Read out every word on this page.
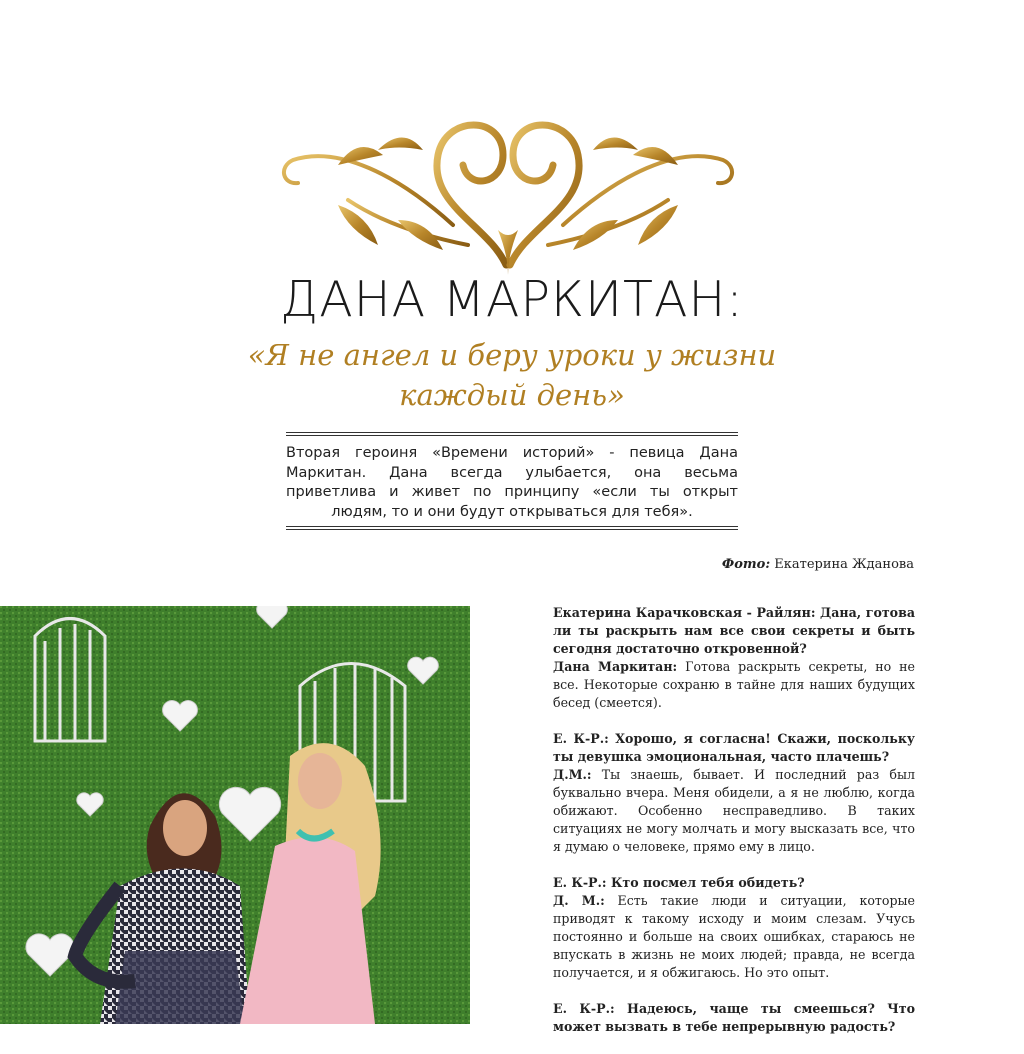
ДАНА МАРКИТАН:
«Я не ангел и беру уроки у жизни
каждый день»

Вторая героиня «Времени историй» - певица Дана Маркитан. Дана всегда улыбается, она весьма приветлива и живет по принципу «если ты открыт людям, то и они будут открываться для тебя».

Фото: Екатерина Жданова
Екатерина Карачковская - Райлян: Дана, готова ли ты раскрыть нам все свои секреты и быть сегодня достаточно откровенной?
Дана Маркитан: Готова раскрыть секреты, но не все. Некоторые сохраню в тайне для наших будущих бесед (смеется).
Е. К-Р.: Хорошо, я согласна! Скажи, поскольку ты девушка эмоциональная, часто плачешь?
Д.М.: Ты знаешь, бывает. И последний раз был буквально вчера. Меня обидели, а я не люблю, когда обижают. Особенно несправедливо. В таких ситуациях не могу молчать и могу высказать все, что я думаю о человеке, прямо ему в лицо.
Е. К-Р.: Кто посмел тебя обидеть?
Д. М.: Есть такие люди и ситуации, которые приводят к такому исходу и моим слезам. Учусь постоянно и больше на своих ошибках, стараюсь не впускать в жизнь не моих людей; правда, не всегда получается, и я обжигаюсь. Но это опыт.
Е. К-Р.: Надеюсь, чаще ты смеешься? Что может вызвать в тебе непрерывную радость?
